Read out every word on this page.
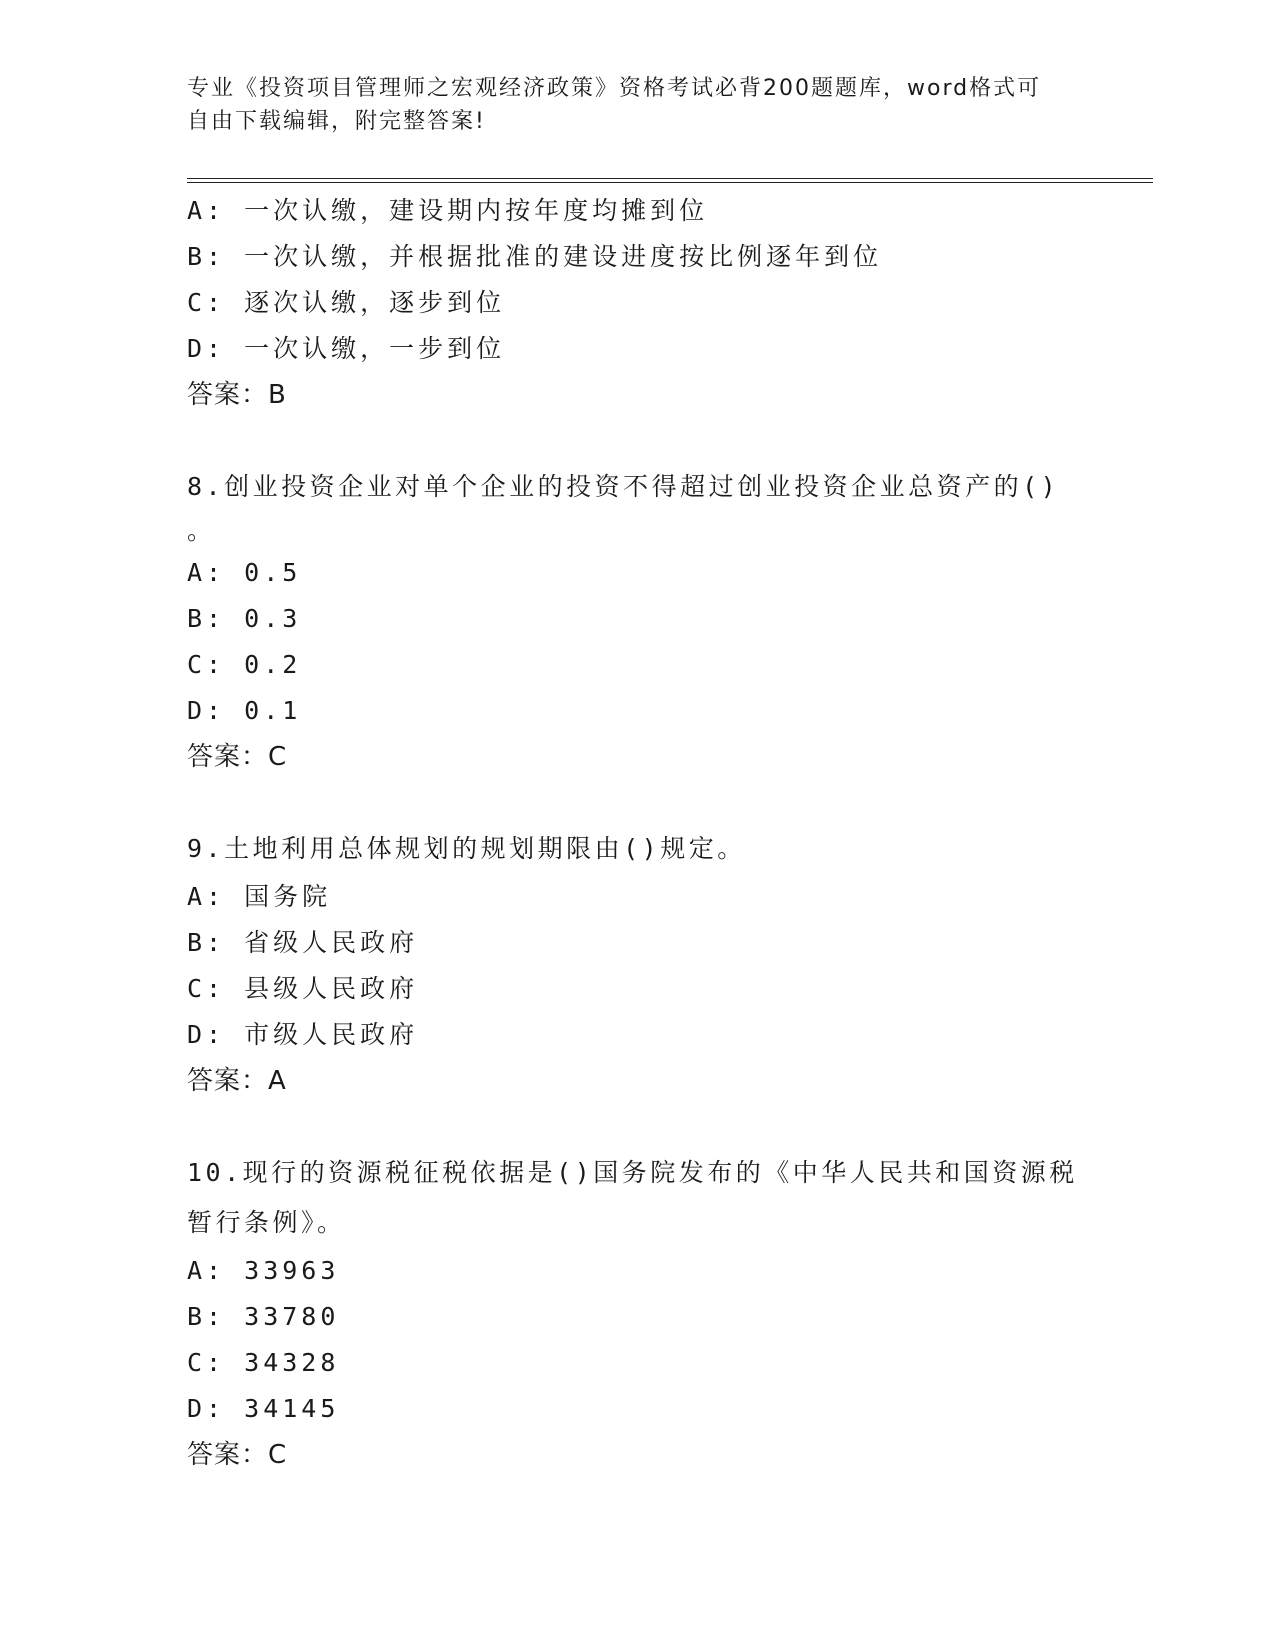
专业《投资项目管理师之宏观经济政策》资格考试必背200题题库，word格式可
自由下载编辑，附完整答案!
A: 一次认缴，建设期内按年度均摊到位
B: 一次认缴，并根据批准的建设进度按比例逐年到位
C: 逐次认缴，逐步到位
D: 一次认缴，一步到位
答案：B
8.创业投资企业对单个企业的投资不得超过创业投资企业总资产的()
。
A: 0.5
B: 0.3
C: 0.2
D: 0.1
答案：C
9.土地利用总体规划的规划期限由()规定。
A: 国务院
B: 省级人民政府
C: 县级人民政府
D: 市级人民政府
答案：A
10.现行的资源税征税依据是()国务院发布的《中华人民共和国资源税
暂行条例》。
A: 33963
B: 33780
C: 34328
D: 34145
答案：C
